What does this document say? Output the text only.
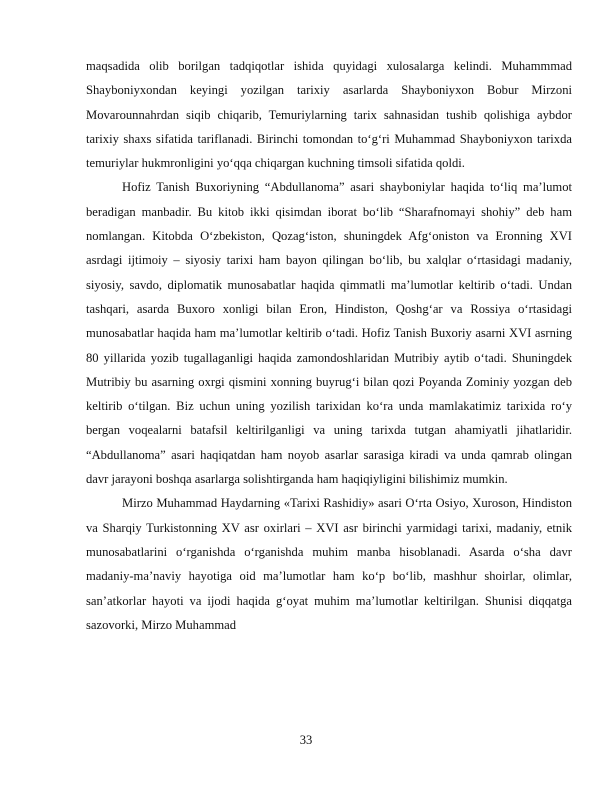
maqsadida olib borilgan tadqiqotlar ishida quyidagi xulosalarga kelindi. Muhammmad Shayboniyxondan keyingi yozilgan tarixiy asarlarda Shayboniyxon Bobur Mirzoni Movarounnahrdan siqib chiqarib, Temuriylarning tarix sahnasidan tushib qolishiga aybdor tarixiy shaxs sifatida tariflanadi. Birinchi tomondan to‘g‘ri Muhammad Shayboniyxon tarixda temuriylar hukmronligini yo‘qqa chiqargan kuchning timsoli sifatida qoldi.

Hofiz Tanish Buxoriyning “Abdullanoma” asari shayboniylar haqida to‘liq ma’lumot beradigan manbadir. Bu kitob ikki qisimdan iborat bo‘lib “Sharafnomayi shohiy” deb ham nomlangan. Kitobda O‘zbekiston, Qozag‘iston, shuningdek Afg‘oniston va Eronning XVI asrdagi ijtimoiy – siyosiy tarixi ham bayon qilingan bo‘lib, bu xalqlar o‘rtasidagi madaniy, siyosiy, savdo, diplomatik munosabatlar haqida qimmatli ma’lumotlar keltirib o‘tadi. Undan tashqari, asarda Buxoro xonligi bilan Eron, Hindiston, Qoshg‘ar va Rossiya o‘rtasidagi munosabatlar haqida ham ma’lumotlar keltirib o‘tadi. Hofiz Tanish Buxoriy asarni XVI asrning 80 yillarida yozib tugallaganligi haqida zamondoshlaridan Mutribiy aytib o‘tadi. Shuningdek Mutribiy bu asarning oxrgi qismini xonning buyrug‘i bilan qozi Poyanda Zominiy yozgan deb keltirib o‘tilgan. Biz uchun uning yozilish tarixidan ko‘ra unda mamlakatimiz tarixida ro‘y bergan voqealarni batafsil keltirilganligi va uning tarixda tutgan ahamiyatli jihatlaridir. “Abdullanoma” asari haqiqatdan ham noyob asarlar sarasiga kiradi va unda qamrab olingan davr jarayoni boshqa asarlarga solishtirganda ham haqiqiyligini bilishimiz mumkin.

Mirzo Muhammad Haydarning «Tarixi Rashidiy» asari O‘rta Osiyo, Xuroson, Hindiston va Sharqiy Turkistonning XV asr oxirlari – XVI asr birinchi yarmidagi tarixi, madaniy, etnik munosabatlarini o‘rganishda o‘rganishda muhim manba hisoblanadi. Asarda o‘sha davr madaniy-ma’naviy hayotiga oid ma’lumotlar ham ko‘p bo‘lib, mashhur shoirlar, olimlar, san’atkorlar hayoti va ijodi haqida g‘oyat muhim ma’lumotlar keltirilgan. Shunisi diqqatga sazovorki, Mirzo Muhammad

33
